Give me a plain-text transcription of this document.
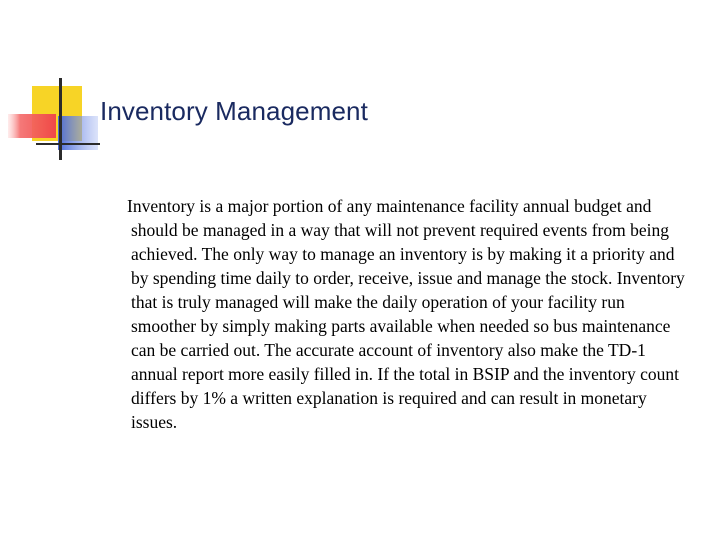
Inventory Management

Inventory is a major portion of any maintenance facility annual budget and should be managed in a way that will not prevent required events from being achieved. The only way to manage an inventory is by making it a priority and by spending time daily to order, receive, issue and manage the stock. Inventory that is truly managed will make the daily operation of your facility run smoother by simply making parts available when needed so bus maintenance can be carried out. The accurate account of inventory also make the TD-1 annual report more easily filled in. If the total in BSIP and the inventory count differs by 1% a written explanation is required and can result in monetary issues.
